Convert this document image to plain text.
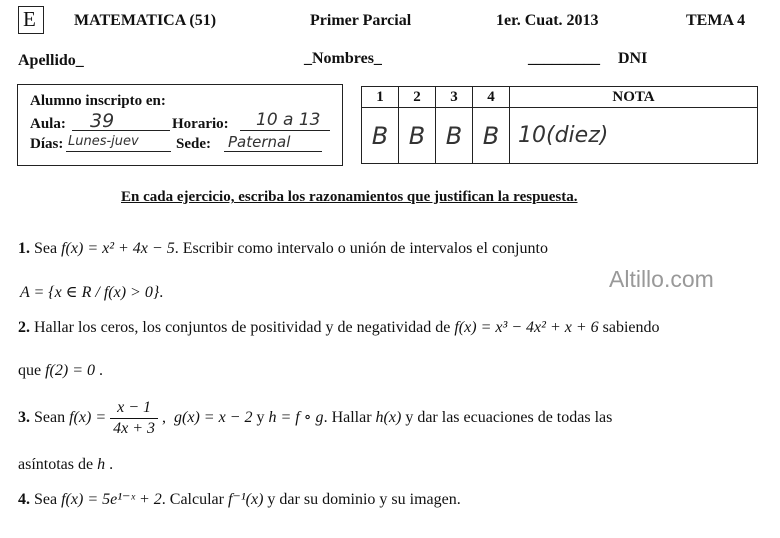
E MATEMATICA (51)	Primer Parcial	1er. Cuat. 2013	TEMA 4
Apellido_	_Nombres_	_________ DNI
Alumno inscripto en:
Aula: 39	Horario: 10 a 13
Días: Lunes-juev Sede: Paternal
1	2	3	4	NOTA
B	B	B	B	10(diez)
En cada ejercicio, escriba los razonamientos que justifican la respuesta.
Altillo.com
1. Sea f(x) = x² + 4x − 5. Escribir como intervalo o unión de intervalos el conjunto
A = {x ∈ R / f(x) > 0}.
2. Hallar los ceros, los conjuntos de positividad y de negatividad de f(x) = x³ − 4x² + x + 6 sabiendo
que f(2) = 0 .
3. Sean $f(x) = \frac{x - 1}{4x + 3}$ , g(x) = x − 2 y h = f ∘ g. Hallar h(x) y dar las ecuaciones de todas las
asíntotas de h .
4. Sea f(x) = 5e¹⁻ˣ + 2. Calcular f⁻¹(x) y dar su dominio y su imagen.
